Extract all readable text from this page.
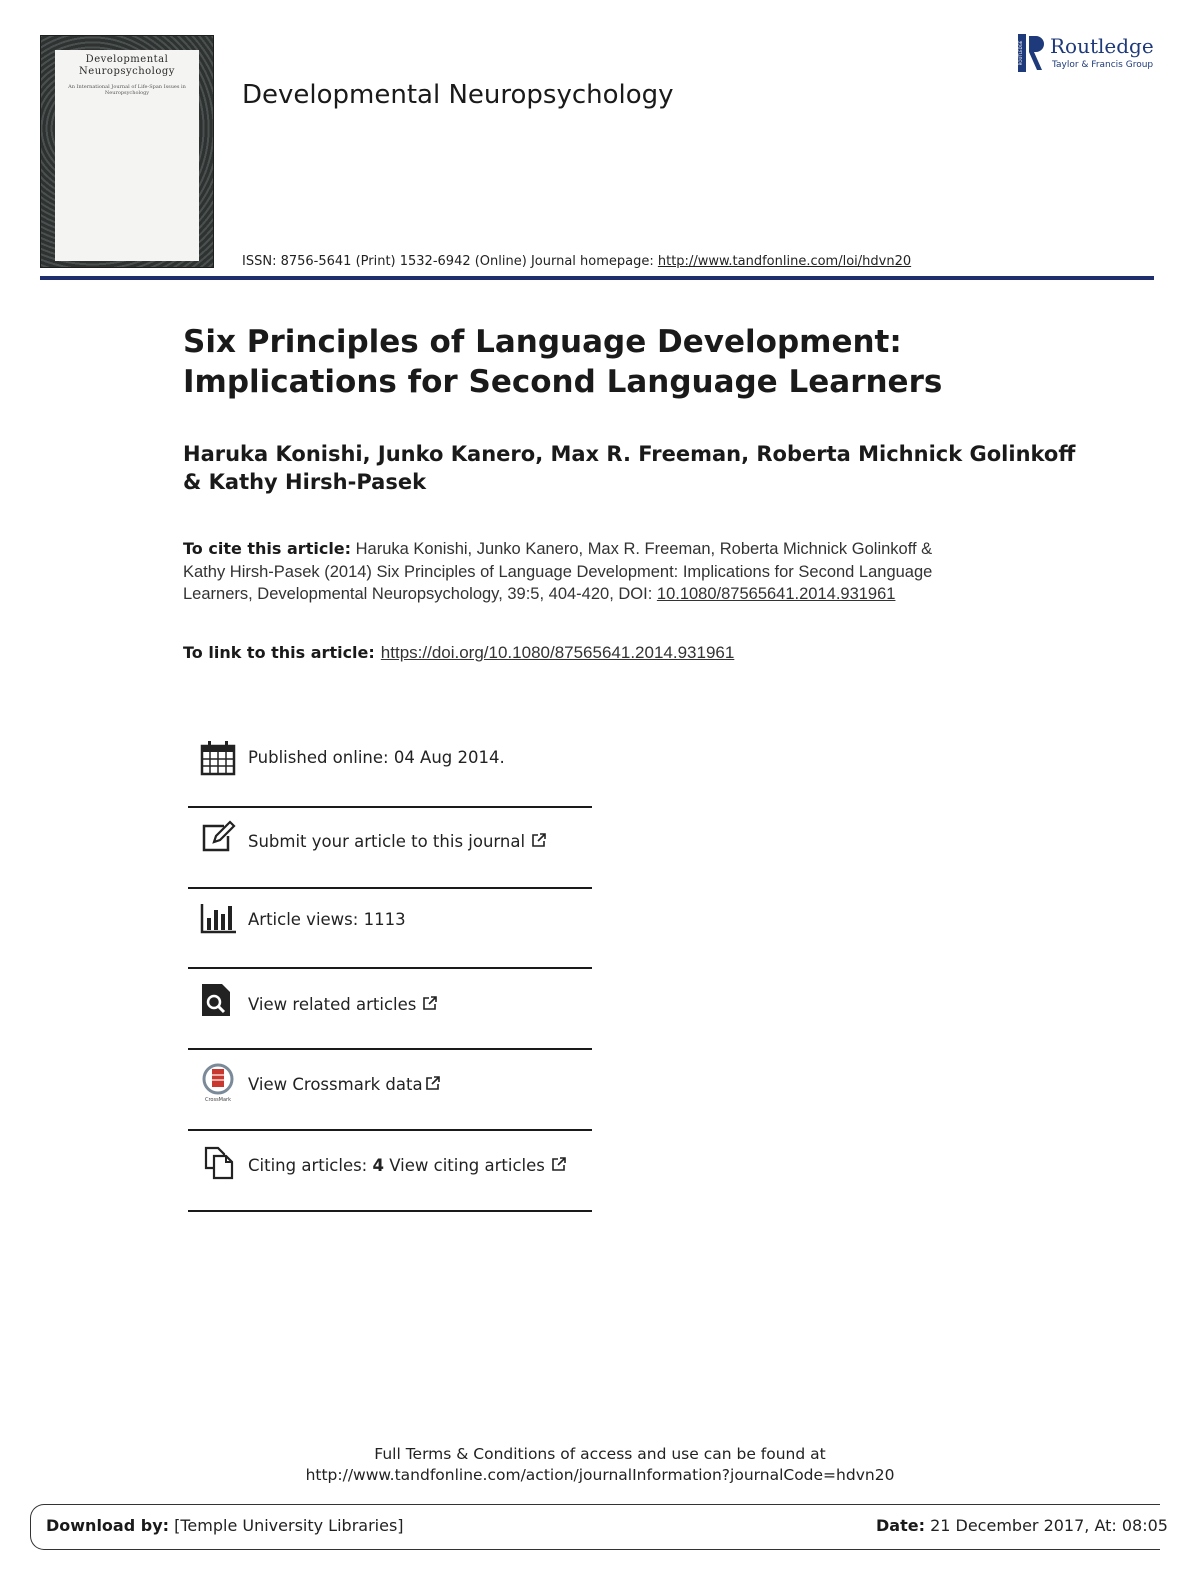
Developmental
Neuropsychology
An International Journal of Life-Span Issues in Neuropsychology	Developmental Neuropsychology
ISSN: 8756-5641 (Print) 1532-6942 (Online) Journal homepage: http://www.tandfonline.com/loi/hdvn20
ROUTLEDGE Routledge
Taylor & Francis Group
Six Principles of Language Development:
Implications for Second Language Learners
Haruka Konishi, Junko Kanero, Max R. Freeman, Roberta Michnick Golinkoff
& Kathy Hirsh-Pasek
To cite this article: Haruka Konishi, Junko Kanero, Max R. Freeman, Roberta Michnick Golinkoff & Kathy Hirsh-Pasek (2014) Six Principles of Language Development: Implications for Second Language Learners, Developmental Neuropsychology, 39:5, 404-420, DOI: 10.1080/87565641.2014.931961
To link to this article: https://doi.org/10.1080/87565641.2014.931961
Published online: 04 Aug 2014.
Submit your article to this journal
Article views: 1113
View related articles
CrossMark
View Crossmark data
Citing articles: 4 View citing articles
Full Terms & Conditions of access and use can be found at
http://www.tandfonline.com/action/journalInformation?journalCode=hdvn20
Download by: [Temple University Libraries]	Date: 21 December 2017, At: 08:05
